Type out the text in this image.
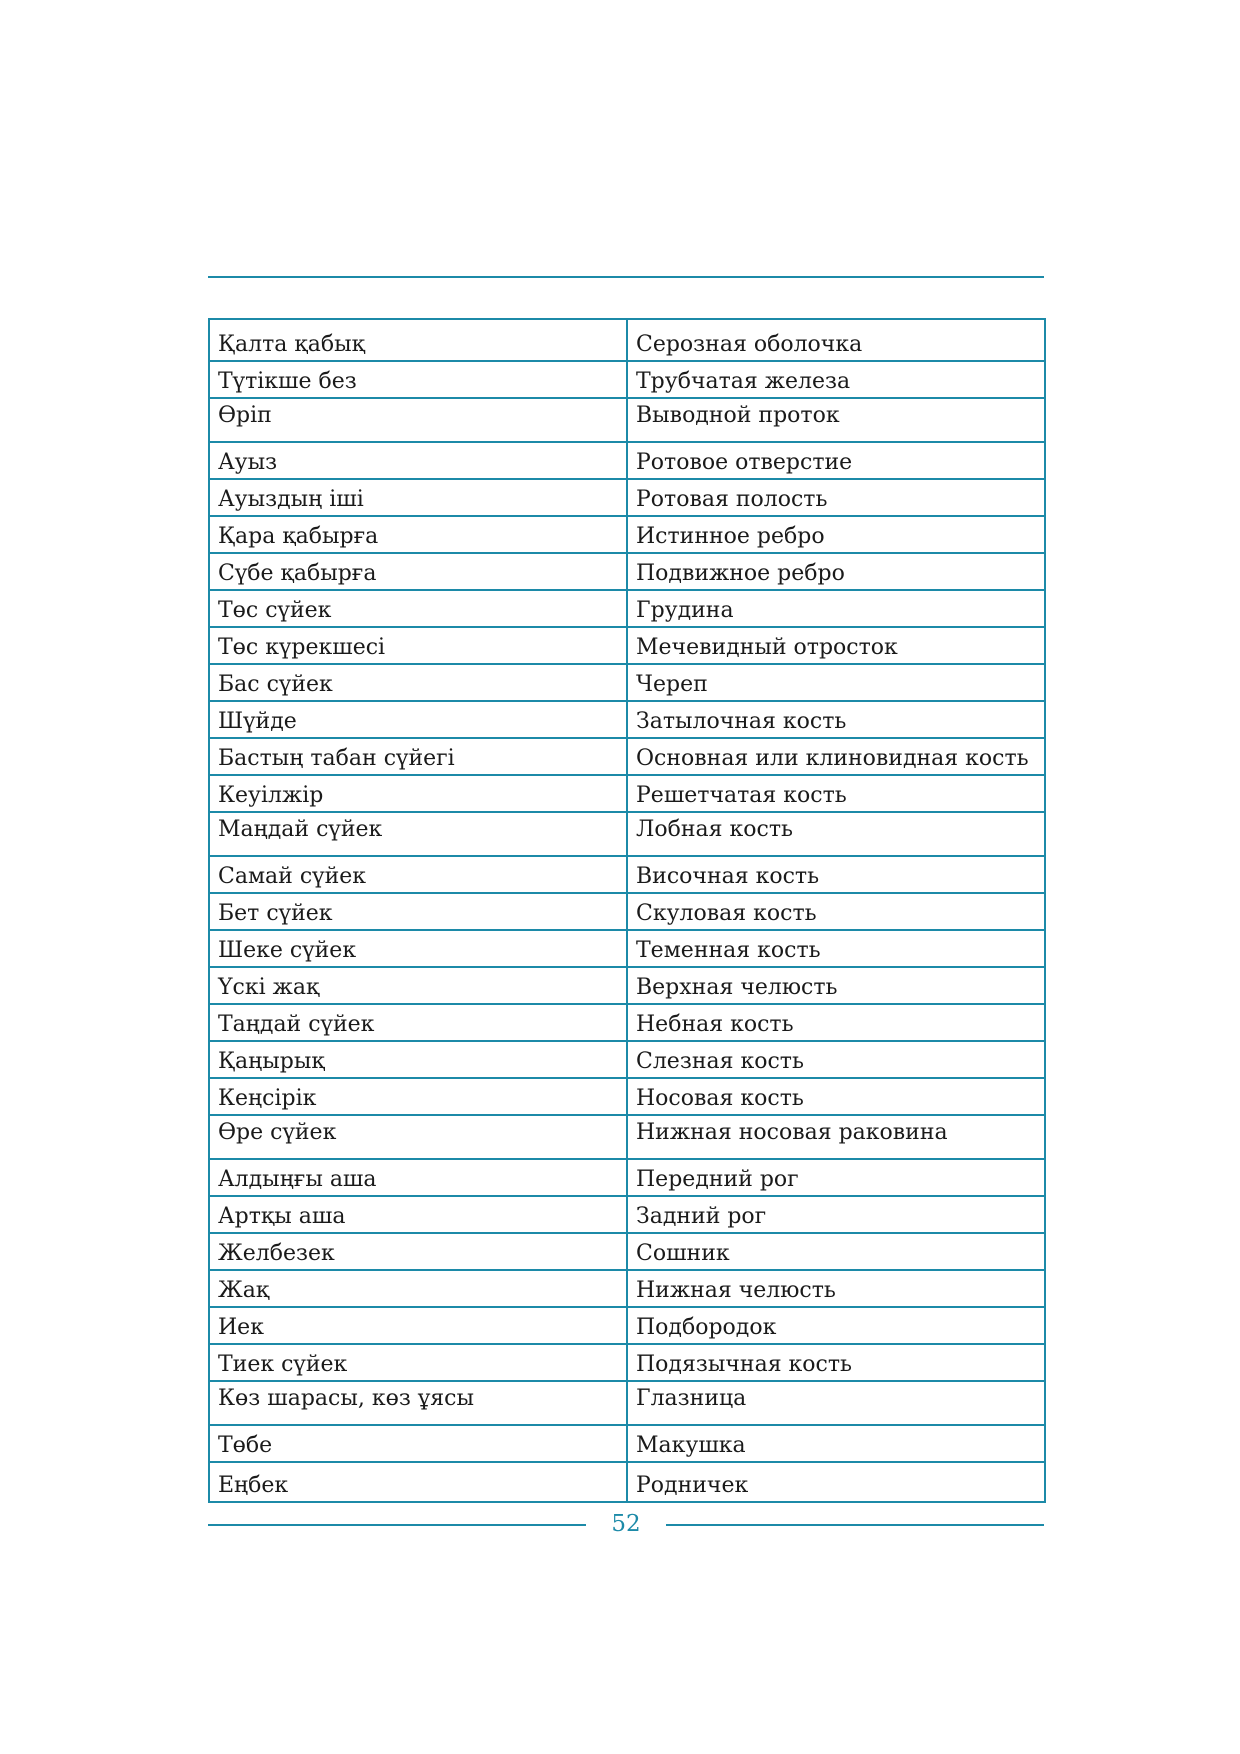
Қалта қабық	Серозная оболочка
Түтікше без	Трубчатая железа
Өріп	Выводной проток
Ауыз	Ротовое отверстие
Ауыздың іші	Ротовая полость
Қара қабырға	Истинное ребро
Сүбе қабырға	Подвижное ребро
Төс сүйек	Грудина
Төс күрекшесі	Мечевидный отросток
Бас сүйек	Череп
Шүйде	Затылочная кость
Бастың табан сүйегі	Основная или клиновидная кость
Кеуілжір	Решетчатая кость
Маңдай сүйек	Лобная кость
Самай сүйек	Височная кость
Бет сүйек	Скуловая кость
Шеке сүйек	Теменная кость
Үскі жақ	Верхная челюсть
Таңдай сүйек	Небная кость
Қаңырық	Слезная кость
Кеңсірік	Носовая кость
Өре сүйек	Нижная носовая раковина
Алдыңғы аша	Передний рог
Артқы аша	Задний рог
Желбезек	Сошник
Жақ	Нижная челюсть
Иек	Подбородок
Тиек сүйек	Подязычная кость
Көз шарасы, көз ұясы	Глазница
Төбе	Макушка
Еңбек	Родничек
52
